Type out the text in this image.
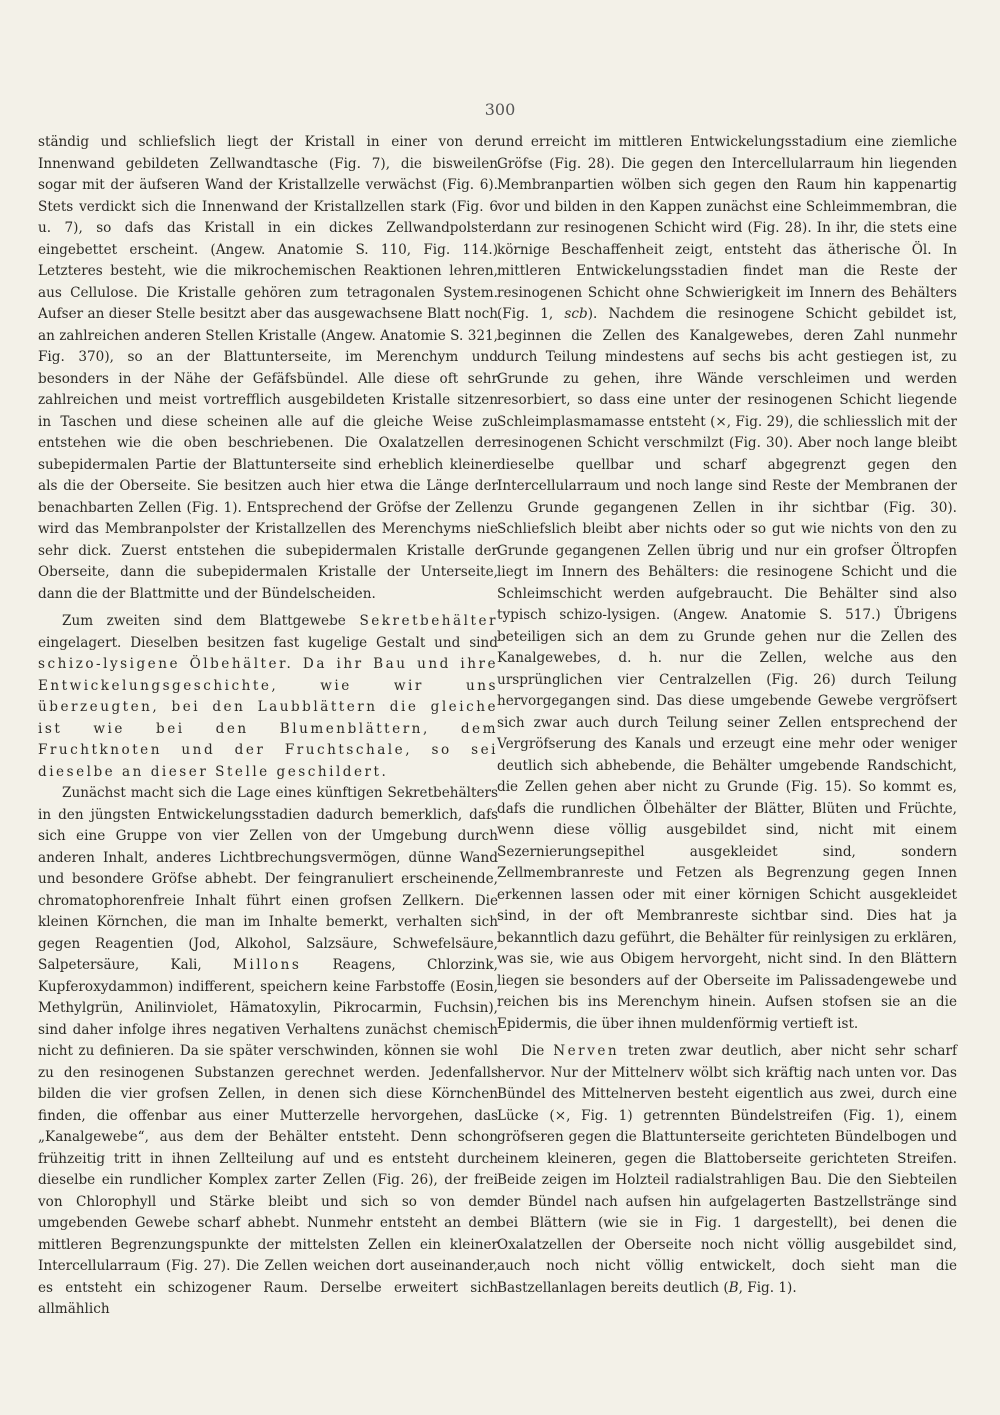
300

ständig und schliefslich liegt der Kristall in einer von der Innenwand gebildeten Zellwandtasche (Fig. 7), die bisweilen sogar mit der äufseren Wand der Kristallzelle verwächst (Fig. 6). Stets verdickt sich die Innenwand der Kristallzellen stark (Fig. 6 u. 7), so dafs das Kristall in ein dickes Zellwandpolster eingebettet erscheint. (Angew. Anatomie S. 110, Fig. 114.) Letzteres besteht, wie die mikrochemischen Reaktionen lehren, aus Cellulose. Die Kristalle gehören zum tetragonalen System. Aufser an dieser Stelle besitzt aber das ausgewachsene Blatt noch an zahlreichen anderen Stellen Kristalle (Angew. Anatomie S. 321, Fig. 370), so an der Blattunterseite, im Merenchym und besonders in der Nähe der Gefäfsbündel. Alle diese oft sehr zahlreichen und meist vortrefflich ausgebildeten Kristalle sitzen in Taschen und diese scheinen alle auf die gleiche Weise zu entstehen wie die oben beschriebenen. Die Oxalatzellen der subepidermalen Partie der Blattunterseite sind erheblich kleiner als die der Oberseite. Sie besitzen auch hier etwa die Länge der benachbarten Zellen (Fig. 1). Entsprechend der Gröfse der Zellen wird das Membranpolster der Kristallzellen des Merenchyms nie sehr dick. Zuerst entstehen die subepidermalen Kristalle der Oberseite, dann die subepidermalen Kristalle der Unterseite, dann die der Blattmitte und der Bündelscheiden.

Zum zweiten sind dem Blattgewebe Sekretbehälter eingelagert. Dieselben besitzen fast kugelige Gestalt und sind schizo-lysigene Ölbehälter. Da ihr Bau und ihre Entwickelungsgeschichte, wie wir uns überzeugten, bei den Laubblättern die gleiche ist wie bei den Blumenblättern, dem Fruchtknoten und der Fruchtschale, so sei dieselbe an dieser Stelle geschildert.

Zunächst macht sich die Lage eines künftigen Sekretbehälters in den jüngsten Entwickelungsstadien dadurch bemerklich, dafs sich eine Gruppe von vier Zellen von der Umgebung durch anderen Inhalt, anderes Lichtbrechungsvermögen, dünne Wand und besondere Gröfse abhebt. Der feingranuliert erscheinende, chromatophorenfreie Inhalt führt einen grofsen Zellkern. Die kleinen Körnchen, die man im Inhalte bemerkt, verhalten sich gegen Reagentien (Jod, Alkohol, Salzsäure, Schwefelsäure, Salpetersäure, Kali, Millons Reagens, Chlorzink, Kupferoxydammon) indifferent, speichern keine Farbstoffe (Eosin, Methylgrün, Anilinviolet, Hämatoxylin, Pikrocarmin, Fuchsin), sind daher infolge ihres negativen Verhaltens zunächst chemisch nicht zu definieren. Da sie später verschwinden, können sie wohl zu den resinogenen Substanzen gerechnet werden. Jedenfalls bilden die vier grofsen Zellen, in denen sich diese Körnchen finden, die offenbar aus einer Mutterzelle hervorgehen, das „Kanalgewebe“, aus dem der Behälter entsteht. Denn schon frühzeitig tritt in ihnen Zellteilung auf und es entsteht durch dieselbe ein rundlicher Komplex zarter Zellen (Fig. 26), der frei von Chlorophyll und Stärke bleibt und sich so von dem umgebenden Gewebe scharf abhebt. Nunmehr entsteht an dem mittleren Begrenzungspunkte der mittelsten Zellen ein kleiner Intercellularraum (Fig. 27). Die Zellen weichen dort auseinander, es entsteht ein schizogener Raum. Derselbe erweitert sich allmählich

und erreicht im mittleren Entwickelungsstadium eine ziemliche Gröfse (Fig. 28). Die gegen den Intercellularraum hin liegenden Membranpartien wölben sich gegen den Raum hin kappenartig vor und bilden in den Kappen zunächst eine Schleimmembran, die dann zur resinogenen Schicht wird (Fig. 28). In ihr, die stets eine körnige Beschaffenheit zeigt, entsteht das ätherische Öl. In mittleren Entwickelungsstadien findet man die Reste der resinogenen Schicht ohne Schwierigkeit im Innern des Behälters (Fig. 1, scb). Nachdem die resinogene Schicht gebildet ist, beginnen die Zellen des Kanalgewebes, deren Zahl nunmehr durch Teilung mindestens auf sechs bis acht gestiegen ist, zu Grunde zu gehen, ihre Wände verschleimen und werden resorbiert, so dass eine unter der resinogenen Schicht liegende Schleimplasmamasse entsteht (×, Fig. 29), die schliesslich mit der resinogenen Schicht verschmilzt (Fig. 30). Aber noch lange bleibt dieselbe quellbar und scharf abgegrenzt gegen den Intercellularraum und noch lange sind Reste der Membranen der zu Grunde gegangenen Zellen in ihr sichtbar (Fig. 30). Schliefslich bleibt aber nichts oder so gut wie nichts von den zu Grunde gegangenen Zellen übrig und nur ein grofser Öltropfen liegt im Innern des Behälters: die resinogene Schicht und die Schleimschicht werden aufgebraucht. Die Behälter sind also typisch schizo-lysigen. (Angew. Anatomie S. 517.) Übrigens beteiligen sich an dem zu Grunde gehen nur die Zellen des Kanalgewebes, d. h. nur die Zellen, welche aus den ursprünglichen vier Centralzellen (Fig. 26) durch Teilung hervorgegangen sind. Das diese umgebende Gewebe vergröfsert sich zwar auch durch Teilung seiner Zellen entsprechend der Vergröfserung des Kanals und erzeugt eine mehr oder weniger deutlich sich abhebende, die Behälter umgebende Randschicht, die Zellen gehen aber nicht zu Grunde (Fig. 15). So kommt es, dafs die rundlichen Ölbehälter der Blätter, Blüten und Früchte, wenn diese völlig ausgebildet sind, nicht mit einem Sezernierungsepithel ausgekleidet sind, sondern Zellmembranreste und Fetzen als Begrenzung gegen Innen erkennen lassen oder mit einer körnigen Schicht ausgekleidet sind, in der oft Membranreste sichtbar sind. Dies hat ja bekanntlich dazu geführt, die Behälter für reinlysigen zu erklären, was sie, wie aus Obigem hervorgeht, nicht sind. In den Blättern liegen sie besonders auf der Oberseite im Palissadengewebe und reichen bis ins Merenchym hinein. Aufsen stofsen sie an die Epidermis, die über ihnen muldenförmig vertieft ist.

Die Nerven treten zwar deutlich, aber nicht sehr scharf hervor. Nur der Mittelnerv wölbt sich kräftig nach unten vor. Das Bündel des Mittelnerven besteht eigentlich aus zwei, durch eine Lücke (×, Fig. 1) getrennten Bündelstreifen (Fig. 1), einem gröfseren gegen die Blattunterseite gerichteten Bündelbogen und einem kleineren, gegen die Blattoberseite gerichteten Streifen. Beide zeigen im Holzteil radialstrahligen Bau. Die den Siebteilen der Bündel nach aufsen hin aufgelagerten Bastzellstränge sind bei Blättern (wie sie in Fig. 1 dargestellt), bei denen die Oxalatzellen der Oberseite noch nicht völlig ausgebildet sind, auch noch nicht völlig entwickelt, doch sieht man die Bastzellanlagen bereits deutlich (B, Fig. 1).
